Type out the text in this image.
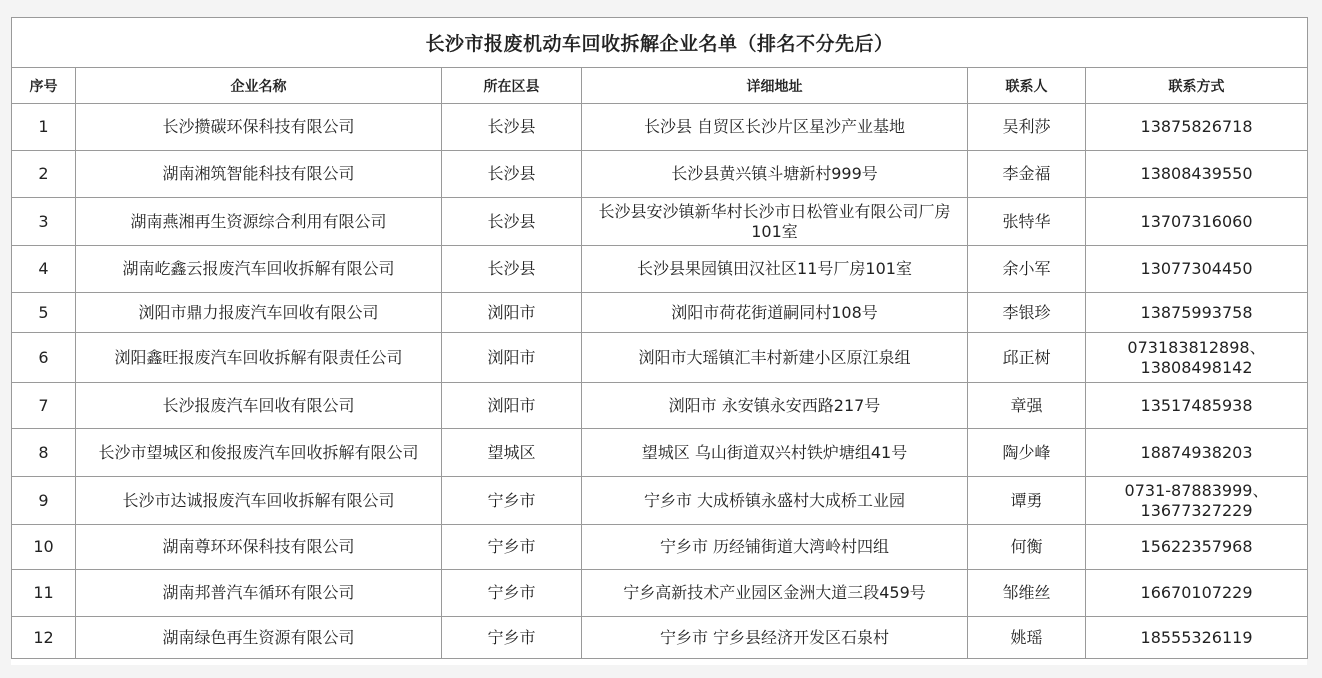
长沙市报废机动车回收拆解企业名单（排名不分先后）					
序号	企业名称	所在区县	详细地址	联系人	联系方式
1	长沙攒碳环保科技有限公司	长沙县	长沙县 自贸区长沙片区星沙产业基地	吴利莎	13875826718
2	湖南湘筑智能科技有限公司	长沙县	长沙县黄兴镇斗塘新村999号	李金福	13808439550
3	湖南燕湘再生资源综合利用有限公司	长沙县	长沙县安沙镇新华村长沙市日松管业有限公司厂房101室	张特华	13707316060
4	湖南屹鑫云报废汽车回收拆解有限公司	长沙县	长沙县果园镇田汉社区11号厂房101室	余小军	13077304450
5	浏阳市鼎力报废汽车回收有限公司	浏阳市	浏阳市荷花街道嗣同村108号	李银珍	13875993758
6	浏阳鑫旺报废汽车回收拆解有限责任公司	浏阳市	浏阳市大瑶镇汇丰村新建小区原江泉组	邱正树	073183812898、13808498142
7	长沙报废汽车回收有限公司	浏阳市	浏阳市 永安镇永安西路217号	章强	13517485938
8	长沙市望城区和俊报废汽车回收拆解有限公司	望城区	望城区 乌山街道双兴村铁炉塘组41号	陶少峰	18874938203
9	长沙市达诚报废汽车回收拆解有限公司	宁乡市	宁乡市 大成桥镇永盛村大成桥工业园	谭勇	0731-87883999、13677327229
10	湖南尊环环保科技有限公司	宁乡市	宁乡市 历经铺街道大湾岭村四组	何衡	15622357968
11	湖南邦普汽车循环有限公司	宁乡市	宁乡高新技术产业园区金洲大道三段459号	邹维丝	16670107229
12	湖南绿色再生资源有限公司	宁乡市	宁乡市 宁乡县经济开发区石泉村	姚瑶	18555326119
